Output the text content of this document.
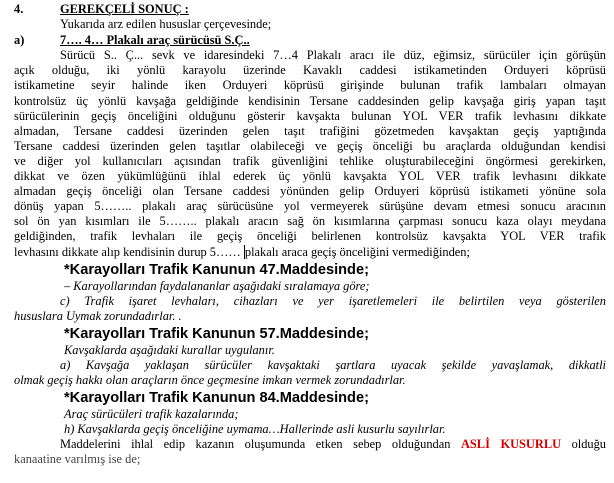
4.	GEREKÇELİ SONUÇ :

Yukarıda arz edilen hususlar çerçevesinde;

a)	7…. 4… Plakalı araç sürücüsü S.Ç..

Sürücü S.. Ç... sevk ve idaresindeki 7…4 Plakalı aracı ile düz, eğimsiz, sürücüler için görüşün

açık olduğu, iki yönlü karayolu üzerinde Kavaklı caddesi istikametinden Orduyeri köprüsü

istikametine seyir halinde iken Orduyeri köprüsü girişinde bulunan trafik lambaları olmayan

kontrolsüz üç yönlü kavşağa geldiğinde kendisinin Tersane caddesinden gelip kavşağa giriş yapan taşıt

sürücülerinin geçiş önceliğini olduğunu gösterir kavşakta bulunan YOL VER trafik levhasını dikkate

almadan, Tersane caddesi üzerinden gelen taşıt trafiğini gözetmeden kavşaktan geçiş yaptığında

Tersane caddesi üzerinden gelen taşıtlar olabileceği ve geçiş önceliği bu araçlarda olduğundan kendisi

ve diğer yol kullanıcıları açısından trafik güvenliğini tehlike oluşturabileceğini öngörmesi gerekirken,

dikkat ve özen yükümlüğünü ihlal ederek üç yönlü kavşakta YOL VER trafik levhasını dikkate

almadan geçiş önceliği olan Tersane caddesi yönünden gelip Orduyeri köprüsü istikameti yönüne sola

dönüş yapan 5…….. plakalı araç sürücüsüne yol vermeyerek sürüşüne devam etmesi sonucu aracının

sol ön yan kısımları ile 5…….. plakalı aracın sağ ön kısımlarına çarpması sonucu kaza olayı meydana

geldiğinden, trafik levhaları ile geçiş önceliği belirlenen kontrolsüz kavşakta YOL VER trafik

levhasını dikkate alıp kendisinin durup 5…… plakalı araca geçiş önceliğini vermediğinden;

*Karayolları Trafik Kanunun 47.Maddesinde;

– Karayollarından faydalananlar aşağıdaki sıralamaya göre;

c) Trafik işaret levhaları, cihazları ve yer işaretlemeleri ile belirtilen veya gösterilen

hususlara Uymak zorundadırlar. .

*Karayolları Trafik Kanunun 57.Maddesinde;

Kavşaklarda aşağıdaki kurallar uygulanır.

a) Kavşağa yaklaşan sürücüler kavşaktaki şartlara uyacak şekilde yavaşlamak, dikkatli

olmak geçiş hakkı olan araçların önce geçmesine imkan vermek zorundadırlar.

*Karayolları Trafik Kanunun 84.Maddesinde;

Araç sürücüleri trafik kazalarında;

h) Kavşaklarda geçiş önceliğine uymama…Hallerinde asli kusurlu sayılırlar.

Maddelerini ihlal edip kazanın oluşumunda etken sebep olduğundan ASLİ KUSURLU olduğu

kanaatine varılmış ise de;
